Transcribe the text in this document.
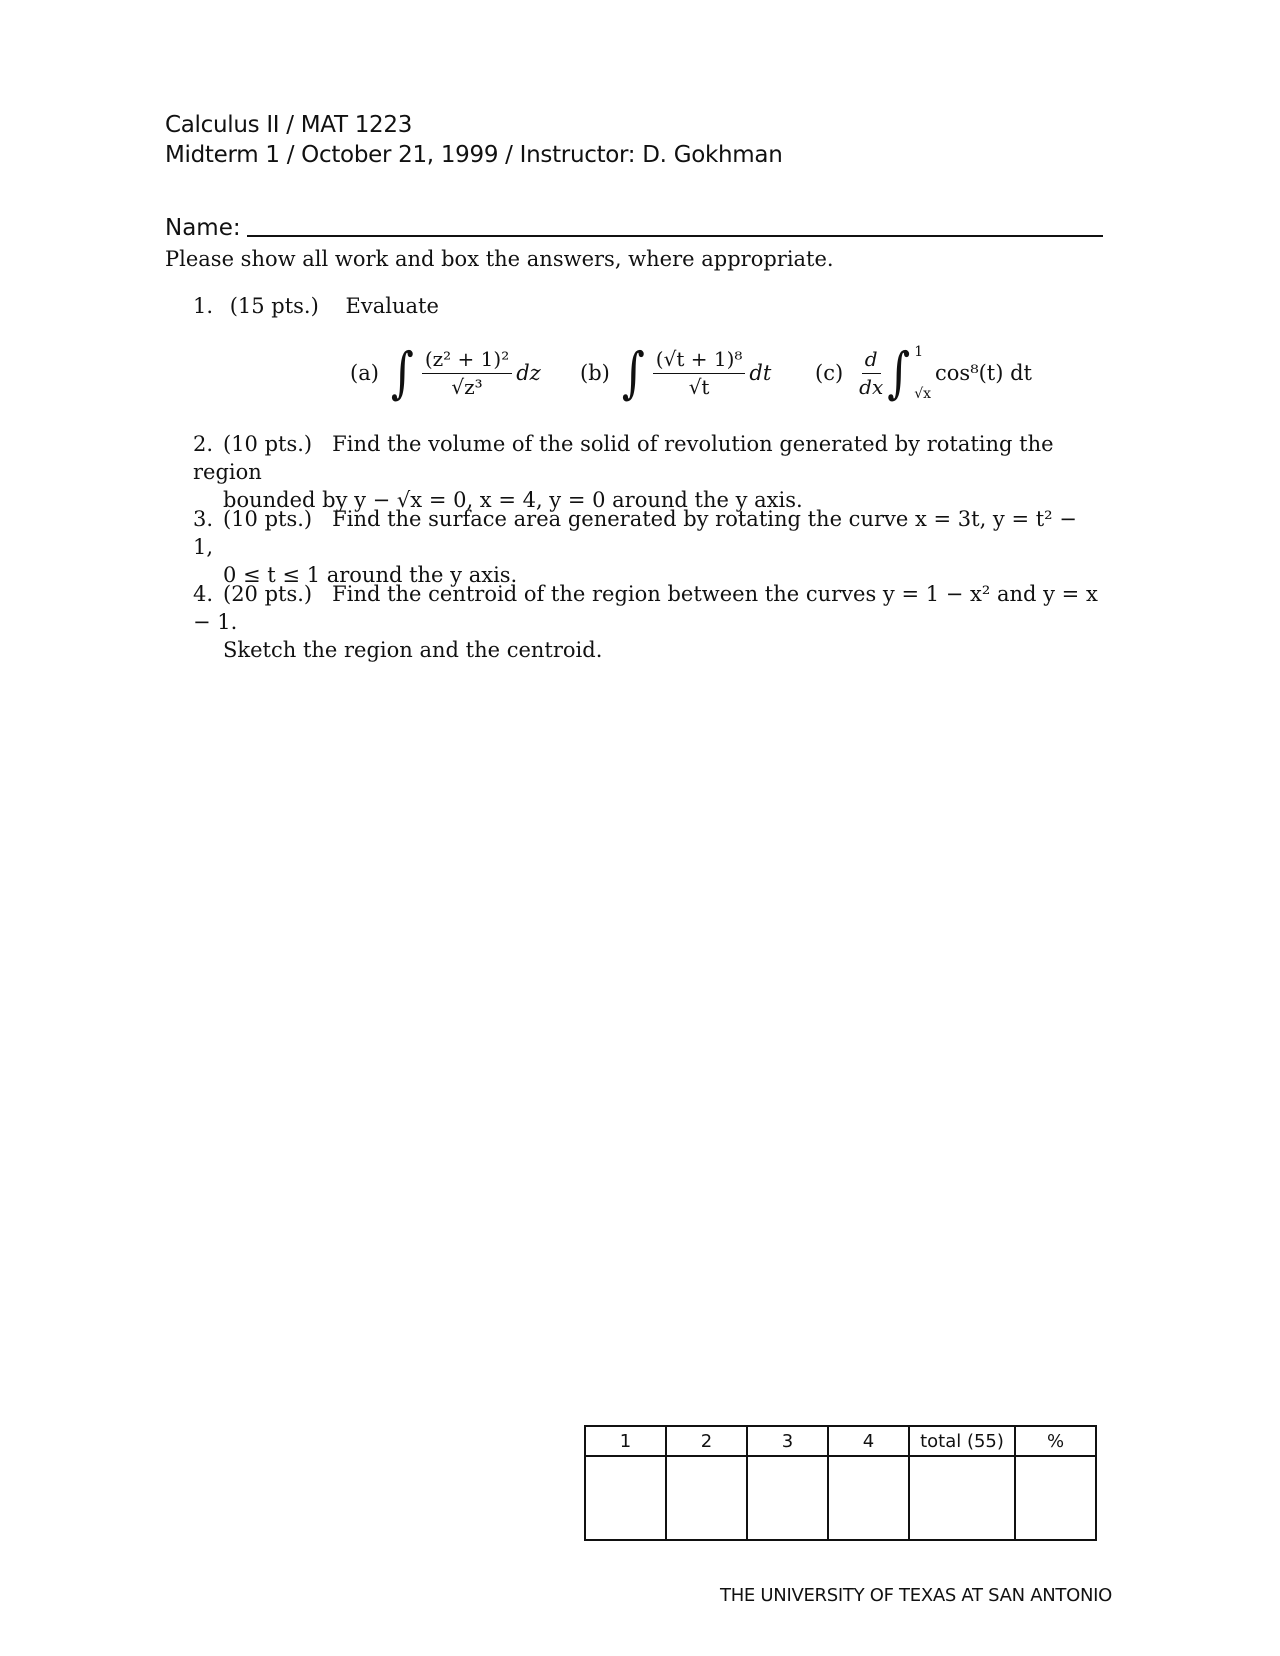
Calculus II / MAT 1223
Midterm 1 / October 21, 1999 / Instructor: D. Gokhman
Name:
Please show all work and box the answers, where appropriate.
1. (15 pts.) Evaluate
(a) ∫ $\frac{\text{(z² + 1)²}}{\text{√z³}}$ dz (b) ∫ $\frac{\text{(√t + 1)⁸}}{√t}$ dt $(c) \frac{d}{dx}$ ∫ 1
√x
cos⁸(t) dt
2. (10 pts.) Find the volume of the solid of revolution generated by rotating the region
bounded by y − √x = 0, x = 4, y = 0 around the y axis.
3. (10 pts.) Find the surface area generated by rotating the curve x = 3t, y = t² − 1,
0 ≤ t ≤ 1 around the y axis.
4. (20 pts.) Find the centroid of the region between the curves y = 1 − x² and y = x − 1.
Sketch the region and the centroid.
1	2	3	4	total (55)	%

THE UNIVERSITY OF TEXAS AT SAN ANTONIO
